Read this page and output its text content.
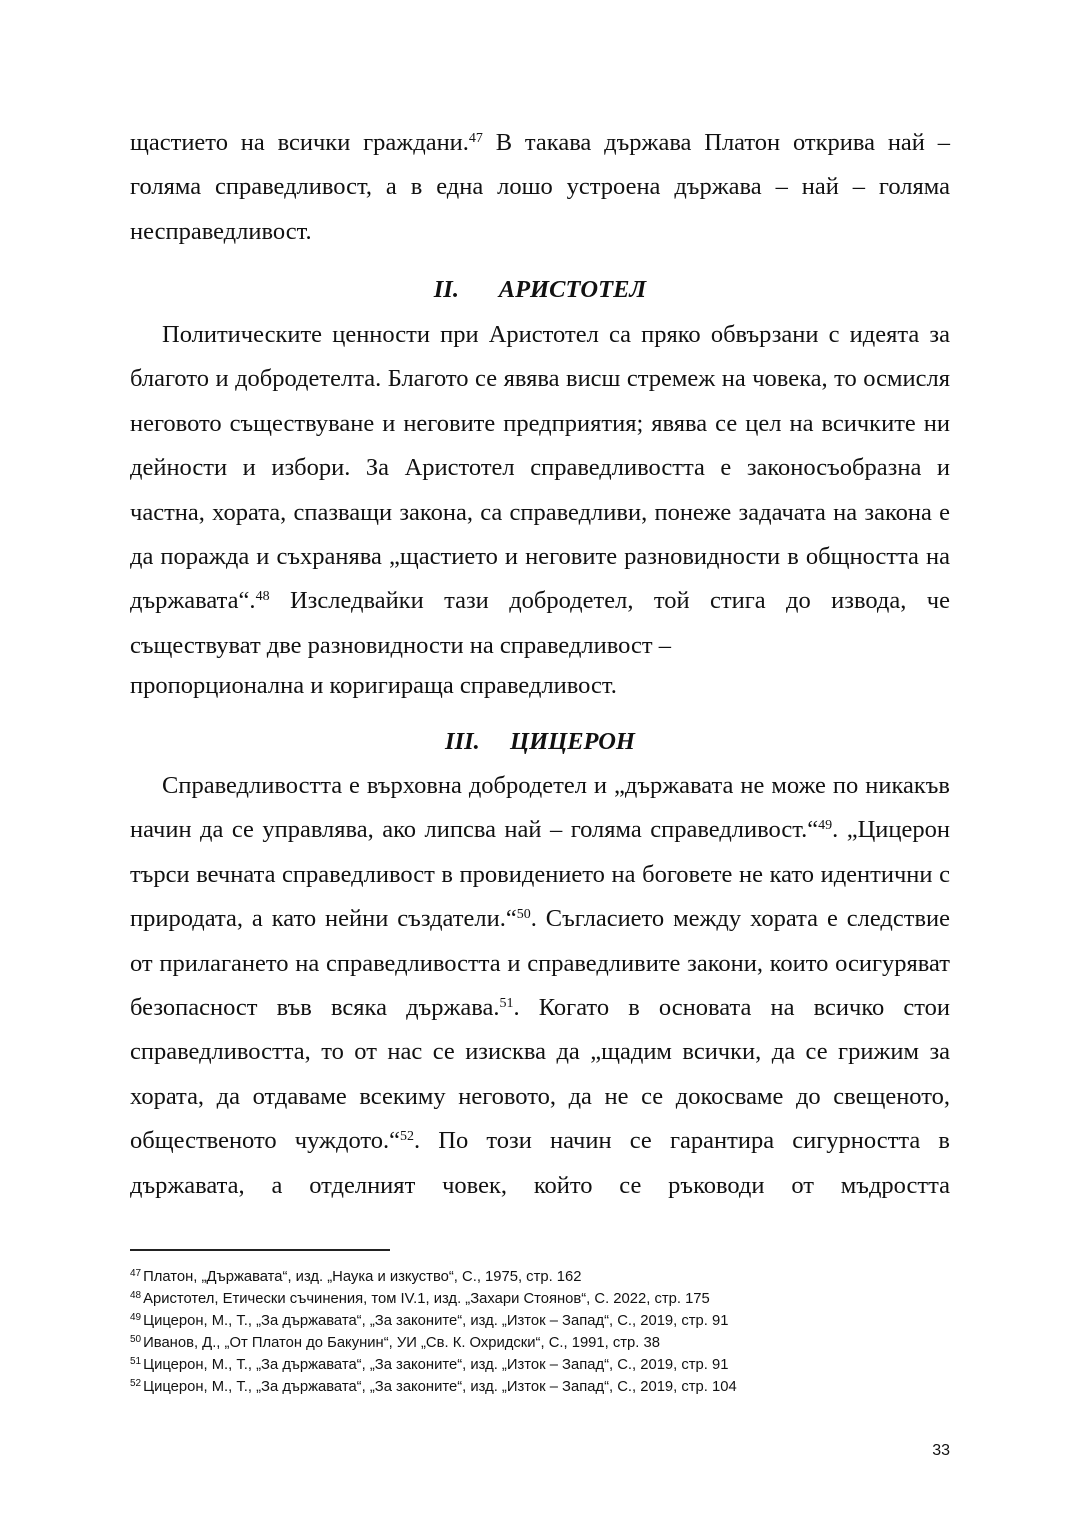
щастието на всички граждани.$^{47}$ В такава държава Платон открива най –
голяма справедливост, а в една лошо устроена държава – най – голяма
несправедливост.
II. АРИСТОТЕЛ
Политическите ценности при Аристотел са пряко обвързани с идеята за благото и добродетелта. Благото се явява висш стремеж на човека, то осмисля неговото съществуване и неговите предприятия; явява се цел на всичките ни дейности и избори. За Аристотел справедливостта е законосъобразна и частна, хората, спазващи закона, са справедливи, понеже задачата на закона е да поражда и съхранява „щастието и неговите разновидности в общността на държавата“.$^{48}$ Изследвайки тази добродетел, той стига до извода, че съществуват две разновидности на справедливост –
пропорционална и коригираща справедливост.
III. ЦИЦЕРОН
Справедливостта е върховна добродетел и „държавата не може по никакъв начин да се управлява, ако липсва най – голяма справедливост.“$^{49}$. „Цицерон търси вечната справедливост в провидението на боговете не като идентични с природата, а като нейни създатели.“$^{50}$. Съгласието между хората е следствие от прилагането на справедливостта и справедливите закони, които осигуряват безопасност във всяка държава.$^{51}$. Когато в основата на всичко стои справедливостта, то от нас се изисква да „щадим всички, да се грижим за хората, да отдаваме всекиму неговото, да не се докосваме до свещеното, общественото чуждото.“$^{52}$. По този начин се гарантира сигурността в държавата, а отделният човек, който се ръководи от мъдростта
$^{47}$ Платон, „Държавата“, изд. „Наука и изкуство“, С., 1975, стр. 162
$^{48}$ Аристотел, Етически съчинения, том IV.1, изд. „Захари Стоянов“, С. 2022, стр. 175
$^{49}$ Цицерон, М., Т., „За държавата“, „За законите“, изд. „Изток – Запад“, С., 2019, стр. 91
$^{50}$ Иванов, Д., „От Платон до Бакунин“, УИ „Св. К. Охридски“, С., 1991, стр. 38
$^{51}$ Цицерон, М., Т., „За държавата“, „За законите“, изд. „Изток – Запад“, С., 2019, стр. 91
$^{52}$ Цицерон, М., Т., „За държавата“, „За законите“, изд. „Изток – Запад“, С., 2019, стр. 104
33
